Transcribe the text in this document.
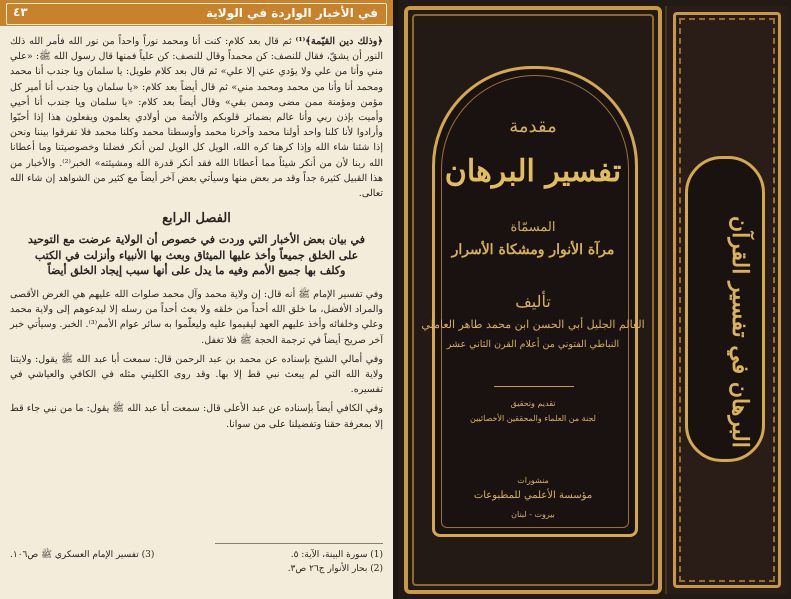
٤٣	في الأخبار الواردة في الولاية

﴿وذلك دين القيّمة﴾⁽¹⁾ ثم قال بعد كلام: كنت أنا ومحمد نوراً واحداً من نور الله فأمر الله ذلك النور أن يشقّ، فقال للنصف: كن محمداً وقال للنصف: كن علياً فمنها قال رسول الله ﷺ: «علي مني وأنا من علي ولا يؤدي عني إلا علي» ثم قال بعد كلام طويل: يا سلمان ويا جندب أنا محمد ومحمد أنا وأنا من محمد ومحمد مني» ثم قال أيضاً بعد كلام: «يا سلمان ويا جندب أنا أمير كل مؤمن ومؤمنة ممن مضى وممن بقي» وقال أيضاً بعد كلام: «يا سلمان ويا جندب أنا أحيي وأميت بإذن ربي وأنا عالم بضمائر قلوبكم والأئمة من أولادي يعلمون ويفعلون هذا إذا أحبّوا وأرادوا لأنا كلنا واحد أولنا محمد وآخرنا محمد وأوسطنا محمد وكلنا محمد فلا تفرقوا بيننا ونحن إذا شئنا شاء الله وإذا كرهنا كره الله، الويل كل الويل لمن أنكر فضلنا وخصوصيتنا وما أعطانا الله ربنا لأن من أنكر شيئاً مما أعطانا الله فقد أنكر قدرة الله ومشيئته» الخبر⁽²⁾. والأخبار من هذا القبيل كثيرة جداً وقد مر بعض منها وسيأتي بعض آخر أيضاً مع كثير من الشواهد إن شاء الله تعالى.

الفصل الرابع
في بيان بعض الأخبار التي وردت في خصوص أن الولاية عرضت مع التوحيد
على الخلق جميعاً وأخذ عليها الميثاق وبعث بها الأنبياء وأنزلت في الكتب
وكلف بها جميع الأمم وفيه ما يدل على أنها سبب إيجاد الخلق أيضاً

وفي تفسير الإمام ﷺ أنه قال: إن ولاية محمد وآل محمد صلوات الله عليهم هي الغرض الأقصى والمراد الأفضل، ما خلق الله أحداً من خلقه ولا بعث أحداً من رسله إلا ليدعوهم إلى ولاية محمد وعلي وخلفائه وأخذ عليهم العهد ليقيموا عليه وليعلّموا به سائر عوام الأمم⁽³⁾. الخبر. وسيأتي خبر آخر صريح أيضاً في ترجمة الحجة ﷺ فلا تغفل.

وفي أمالي الشيخ بإسناده عن محمد بن عبد الرحمن قال: سمعت أبا عبد الله ﷺ يقول: ولايتنا ولاية الله التي لم يبعث نبي قط إلا بها. وقد روى الكليني مثله في الكافي والعياشي في تفسيره.

وفي الكافي أيضاً بإسناده عن عبد الأعلى قال: سمعت أبا عبد الله ﷺ يقول: ما من نبي جاء قط إلا بمعرفة حقنا وتفضيلنا على من سوانا.

(1) سورة البينة، الآية: ٥.
(3) تفسير الإمام العسكري ﷺ ص١٠٦.
(2) بحار الأنوار ج٢٦ ص٣.
مقدمة
تفسير البرهان
المسمّاة
مرآة الأنوار ومشكاة الأسرار
تأليف
العالم الجليل أبي الحسن ابن محمد طاهر العاملي
النباطي الفتوني من أعلام القرن الثاني عشر
تقديم وتحقيق
لجنة من العلماء والمحققين الأخصائيين
منشورات
مؤسسة الأعلمي للمطبوعات
بيروت - لبنان
البرهان في تفسير القرآن
